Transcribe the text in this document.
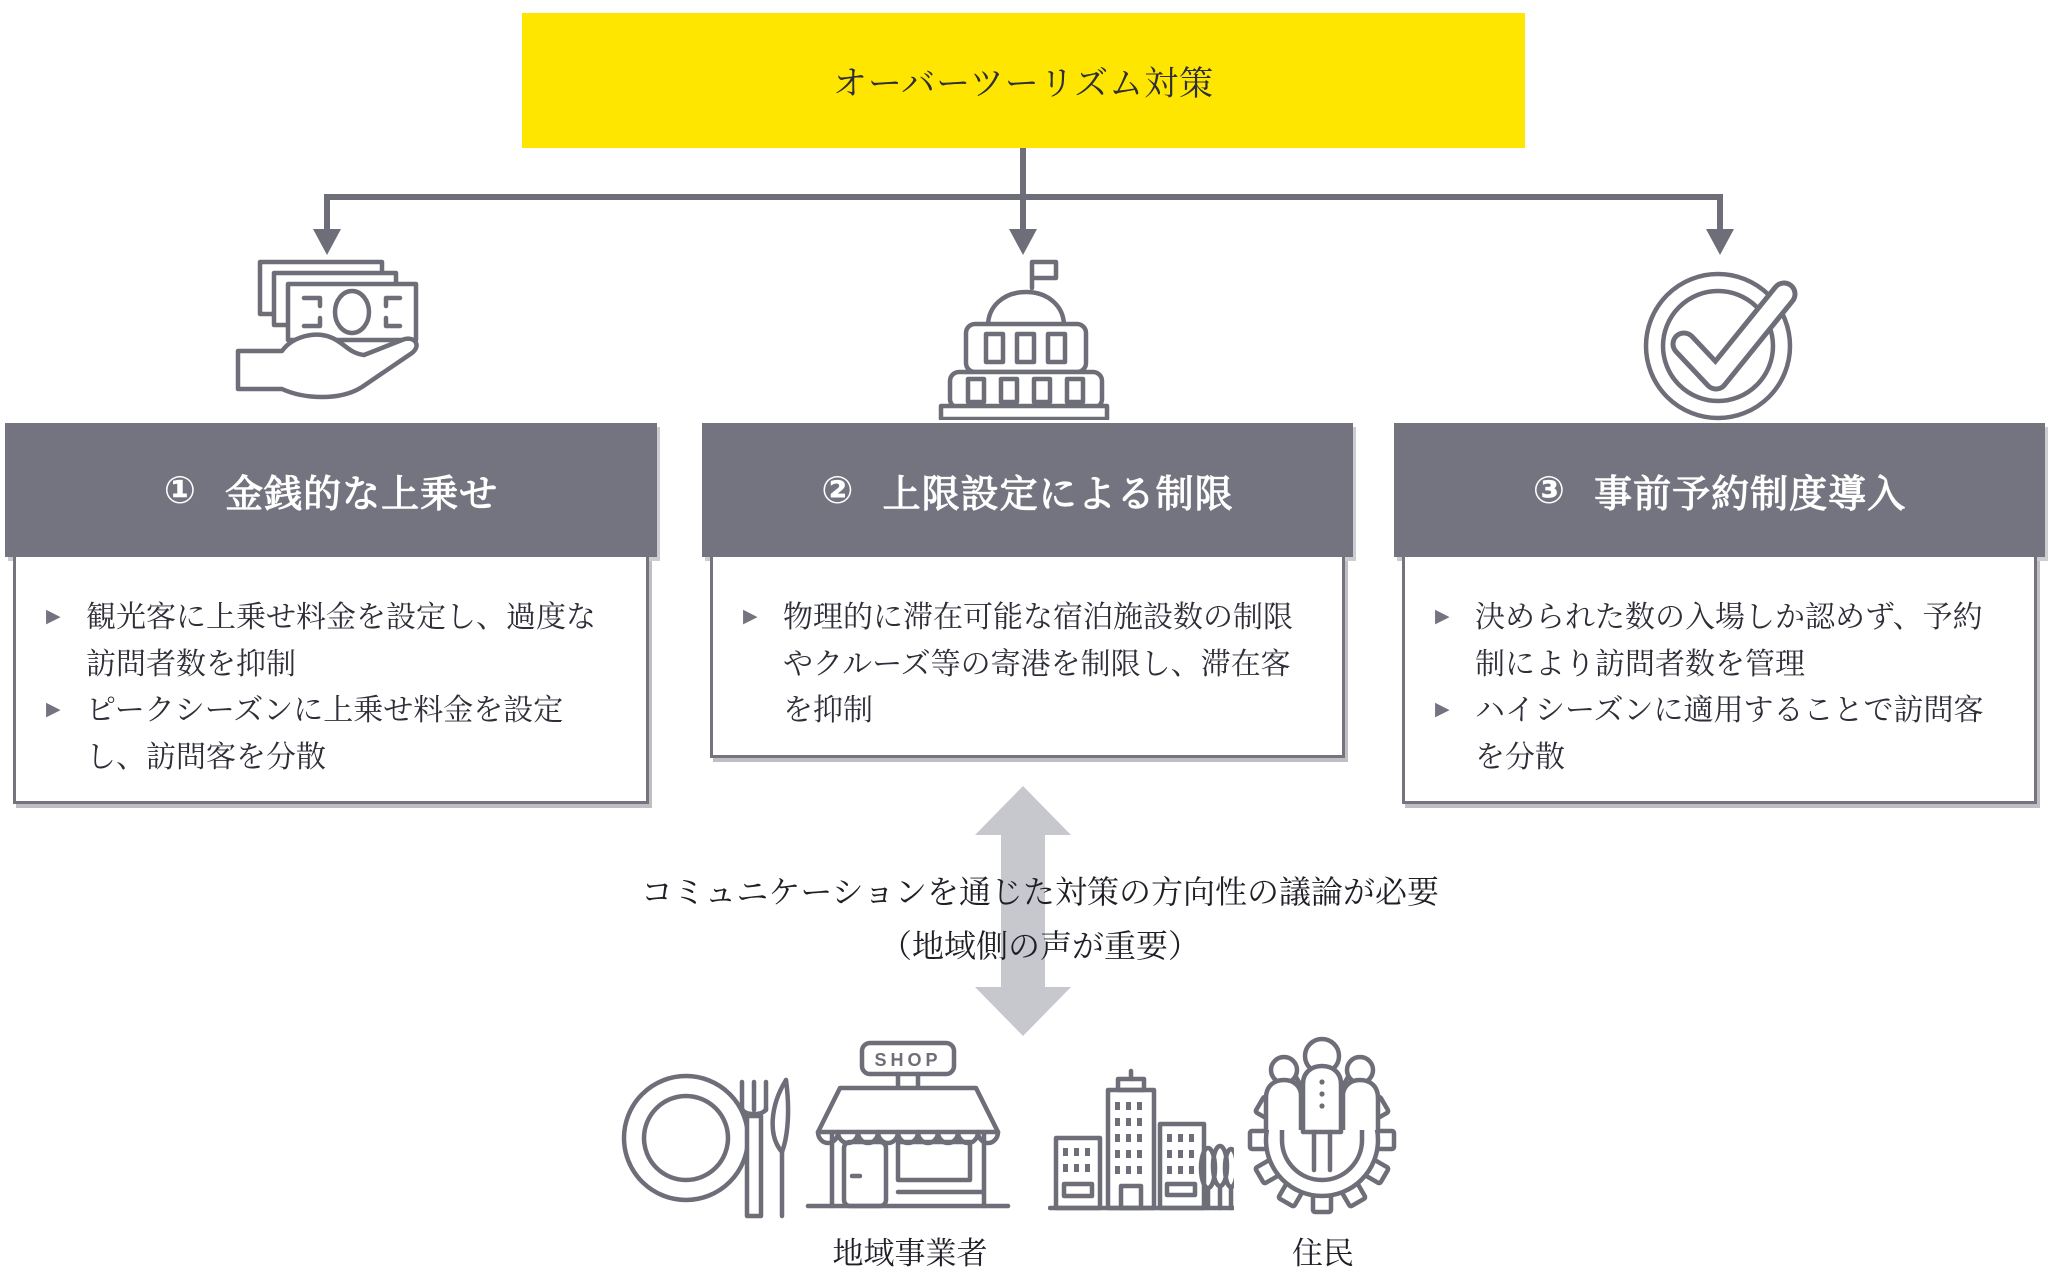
オーバーツーリズム対策
① 金銭的な上乗せ
▶ 観光客に上乗せ料金を設定し、過度な訪問者数を抑制
▶ ピークシーズンに上乗せ料金を設定し、訪問客を分散
② 上限設定による制限
▶ 物理的に滞在可能な宿泊施設数の制限やクルーズ等の寄港を制限し、滞在客を抑制
③ 事前予約制度導入
▶ 決められた数の入場しか認めず、予約制により訪問者数を管理
▶ ハイシーズンに適用することで訪問客を分散
コミュニケーションを通じた対策の方向性の議論が必要
（地域側の声が重要）
SHOP
地域事業者	住民
